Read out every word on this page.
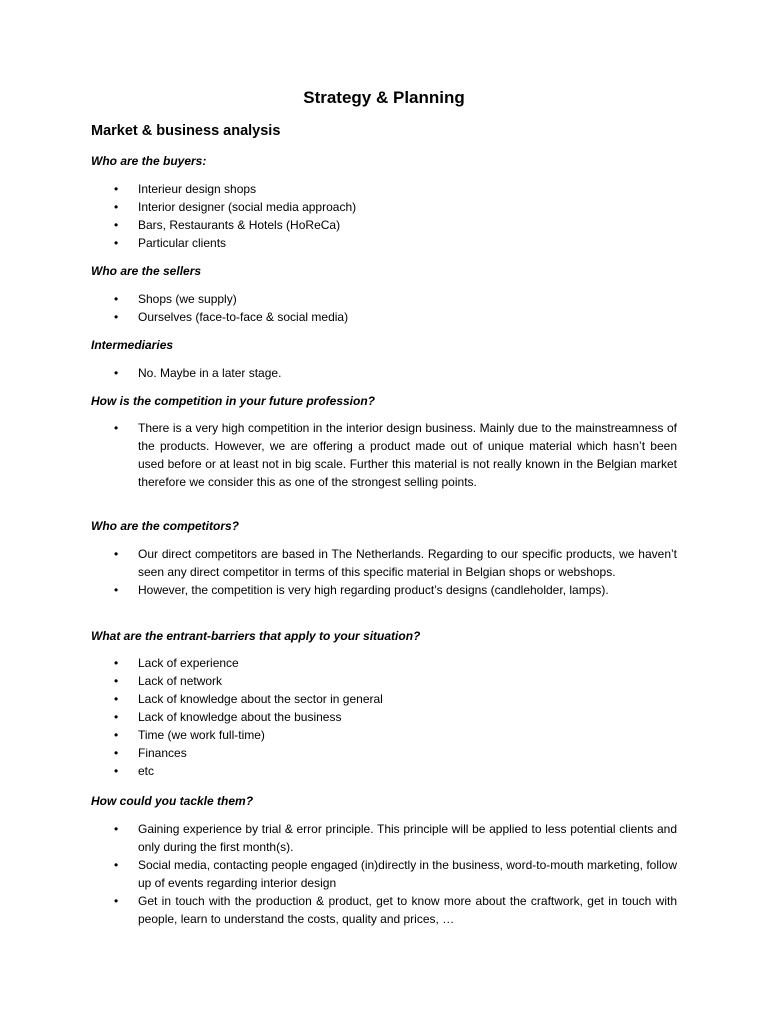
Strategy & Planning
Market & business analysis
Who are the buyers:
• Interieur design shops
• Interior designer (social media approach)
• Bars, Restaurants & Hotels (HoReCa)
• Particular clients
Who are the sellers
• Shops (we supply)
• Ourselves (face-to-face & social media)
Intermediaries
• No. Maybe in a later stage.
How is the competition in your future profession?
• There is a very high competition in the interior design business. Mainly due to the mainstreamness of the products. However, we are offering a product made out of unique material which hasn’t been used before or at least not in big scale. Further this material is not really known in the Belgian market therefore we consider this as one of the strongest selling points.
Who are the competitors?
• Our direct competitors are based in The Netherlands. Regarding to our specific products, we haven’t seen any direct competitor in terms of this specific material in Belgian shops or webshops.
• However, the competition is very high regarding product’s designs (candleholder, lamps).
What are the entrant-barriers that apply to your situation?
• Lack of experience
• Lack of network
• Lack of knowledge about the sector in general
• Lack of knowledge about the business
• Time (we work full-time)
• Finances
• etc
How could you tackle them?
• Gaining experience by trial & error principle. This principle will be applied to less potential clients and only during the first month(s).
• Social media, contacting people engaged (in)directly in the business, word-to-mouth marketing, follow up of events regarding interior design
• Get in touch with the production & product, get to know more about the craftwork, get in touch with people, learn to understand the costs, quality and prices, …
